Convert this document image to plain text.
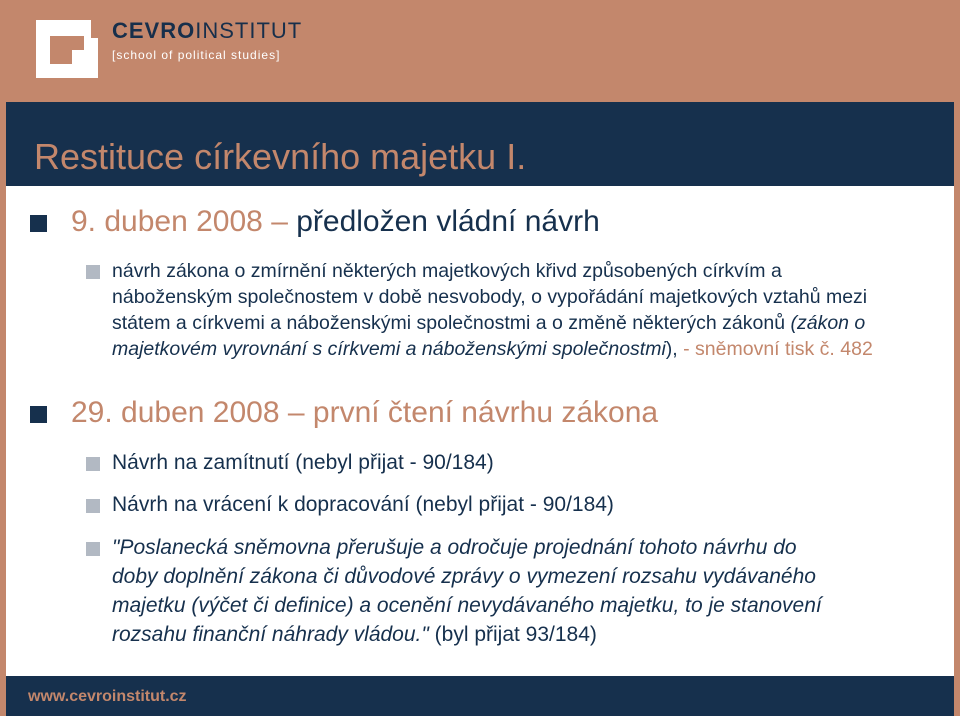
CEVROINSTITUT
[school of political studies]
Restituce církevního majetku I.
9. duben 2008 – předložen vládní návrh
návrh zákona o zmírnění některých majetkových křivd způsobených církvím a náboženským společnostem v době nesvobody, o vypořádání majetkových vztahů mezi státem a církvemi a náboženskými společnostmi a o změně některých zákonů (zákon o majetkovém vyrovnání s církvemi a náboženskými společnostmi), - sněmovní tisk č. 482
29. duben 2008 – první čtení návrhu zákona
Návrh na zamítnutí (nebyl přijat - 90/184)
Návrh na vrácení k dopracování (nebyl přijat - 90/184)
"Poslanecká sněmovna přerušuje a odročuje projednání tohoto návrhu do doby doplnění zákona či důvodové zprávy o vymezení rozsahu vydávaného majetku (výčet či definice) a ocenění nevydávaného majetku, to je stanovení rozsahu finanční náhrady vládou." (byl přijat 93/184)
www.cevroinstitut.cz
